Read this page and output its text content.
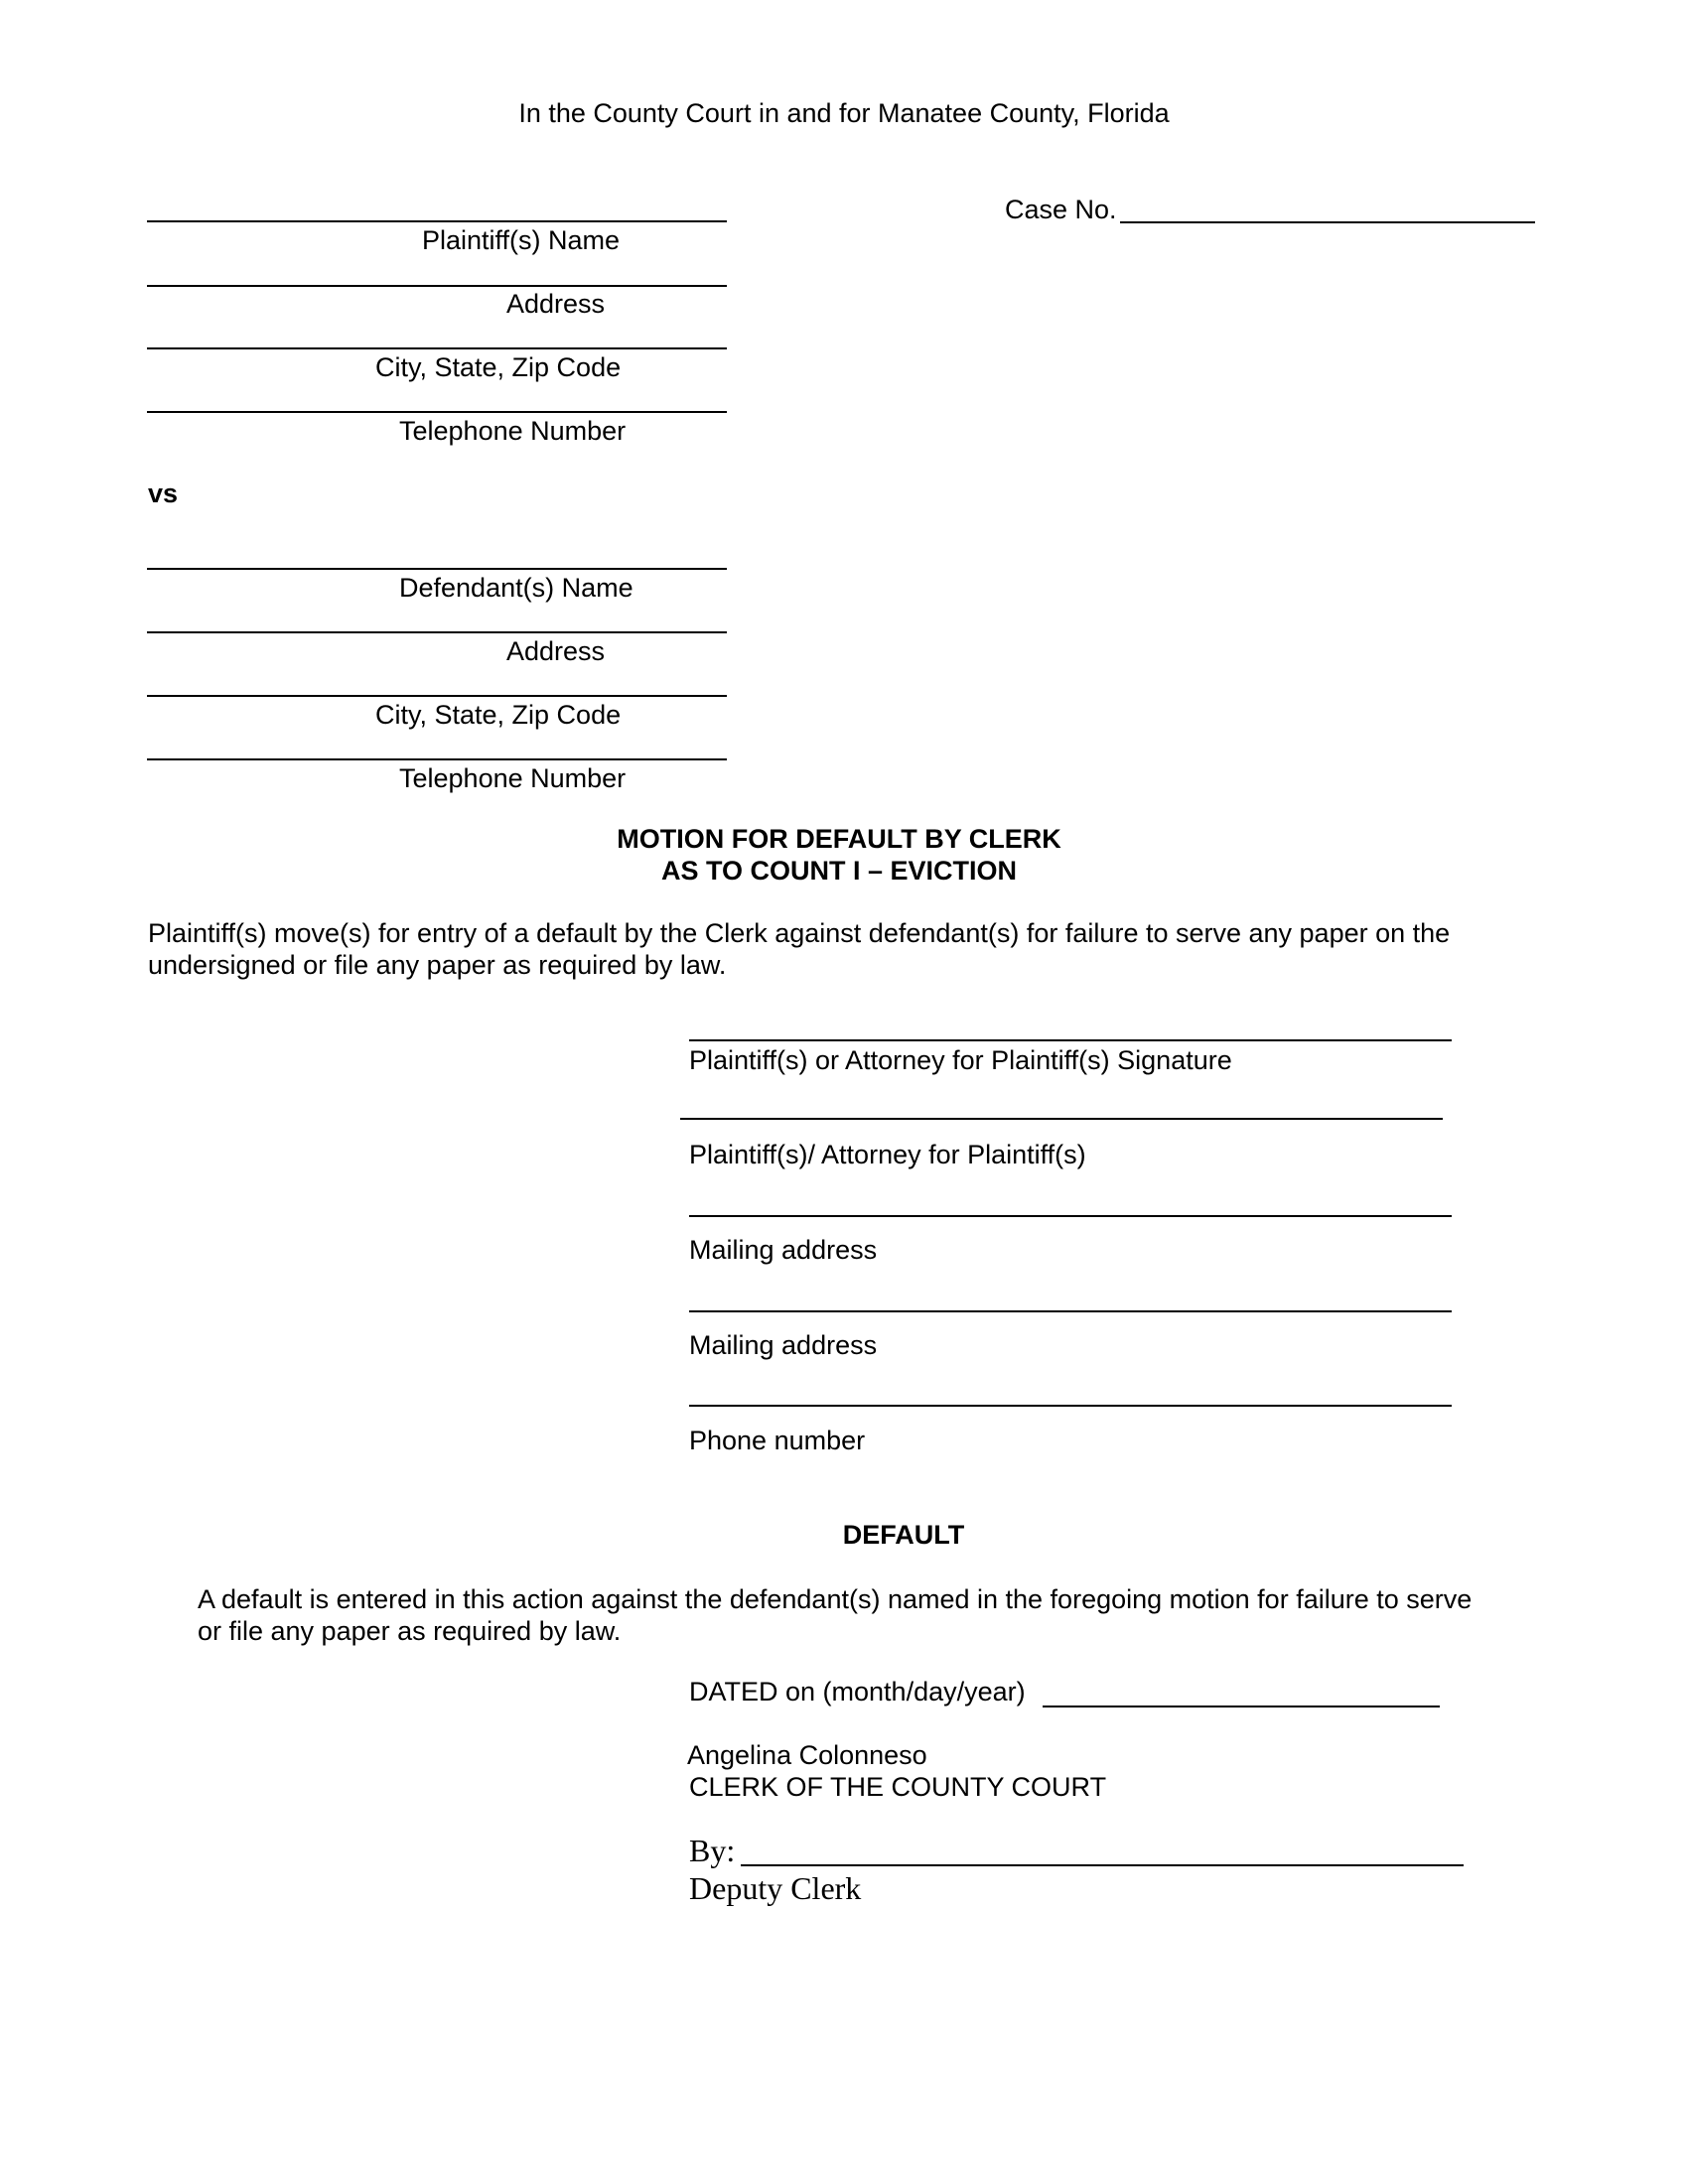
In the County Court in and for Manatee County, Florida
Case No.
Plaintiff(s) Name
Address
City, State, Zip Code
Telephone Number
vs
Defendant(s) Name
Address
City, State, Zip Code
Telephone Number
MOTION FOR DEFAULT BY CLERK
AS TO COUNT I – EVICTION
Plaintiff(s) move(s) for entry of a default by the Clerk against defendant(s) for failure to serve any paper on the undersigned or file any paper as required by law.
Plaintiff(s) or Attorney for Plaintiff(s) Signature
Plaintiff(s)/ Attorney for Plaintiff(s)
Mailing address
Mailing address
Phone number
DEFAULT
A default is entered in this action against the defendant(s) named in the foregoing motion for failure to serve or file any paper as required by law.
DATED on (month/day/year)
Angelina Colonneso
CLERK OF THE COUNTY COURT
By:
Deputy Clerk
